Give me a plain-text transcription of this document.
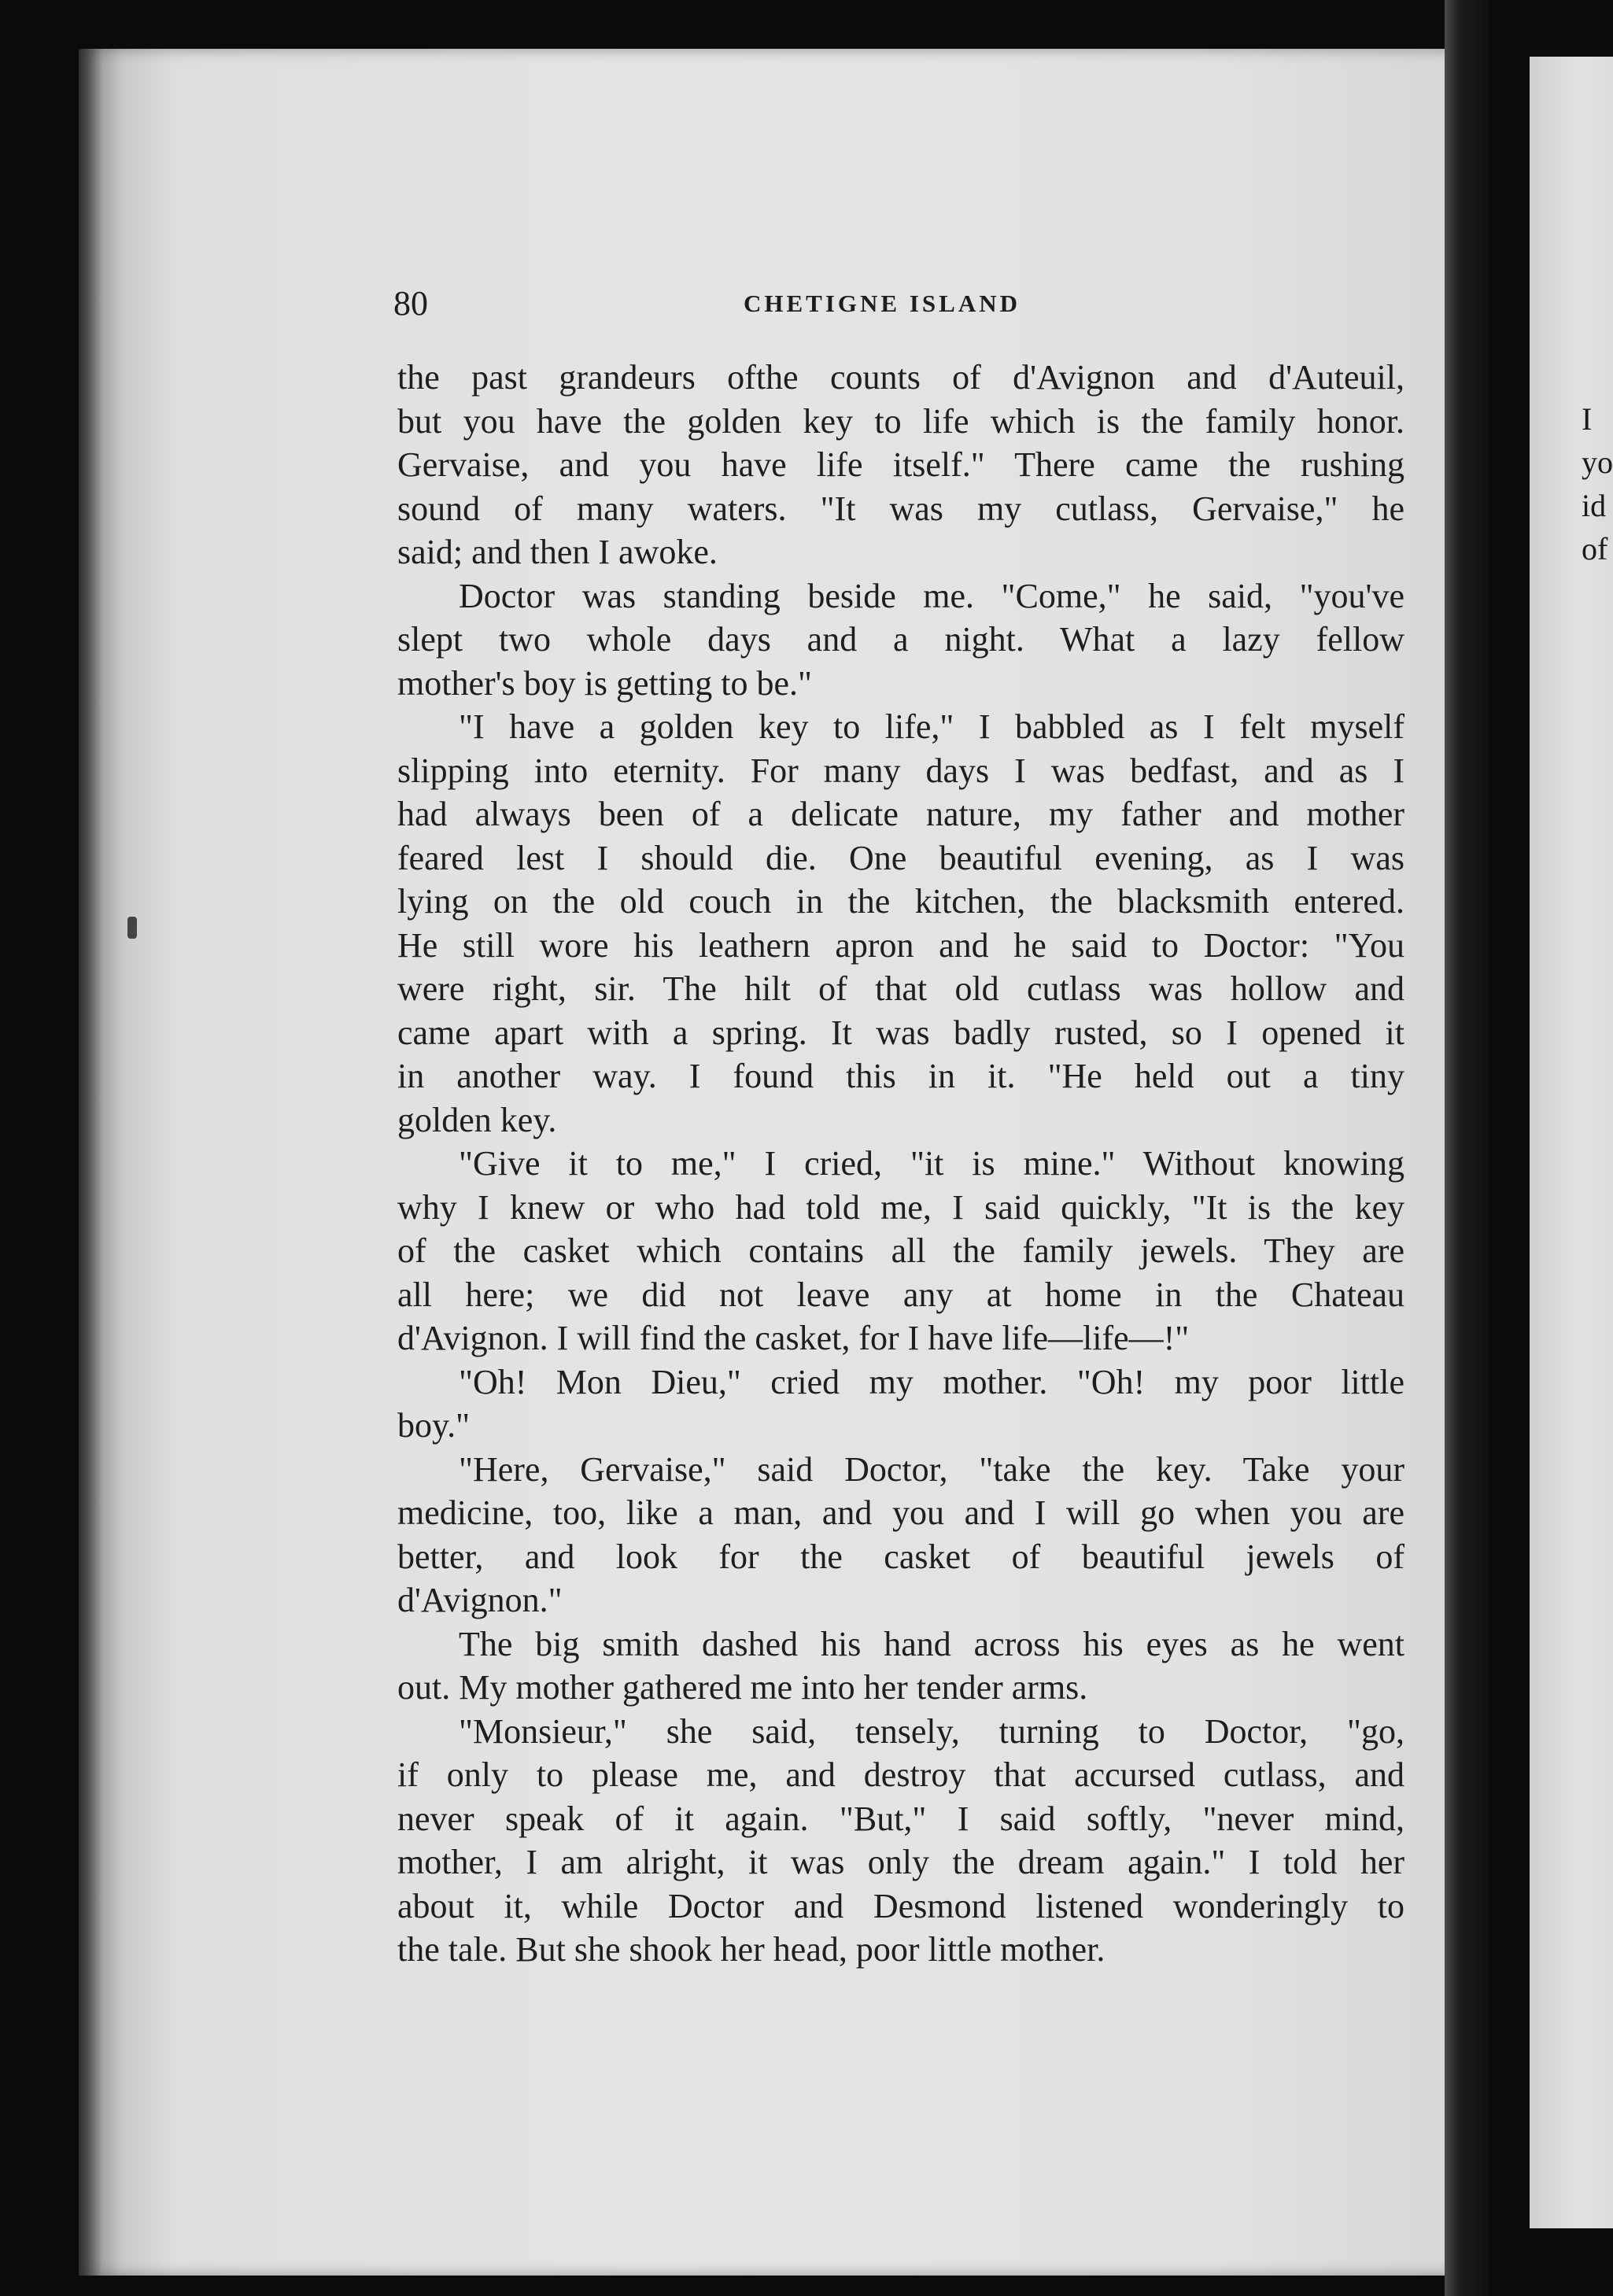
I
yo
id
of
80	CHETIGNE ISLAND
the past grandeurs ofthe counts of d'Avignon and d'Auteuil,
but you have the golden key to life which is the family honor.
Gervaise, and you have life itself." There came the rushing
sound of many waters. "It was my cutlass, Gervaise," he
said; and then I awoke.
Doctor was standing beside me. "Come," he said, "you've
slept two whole days and a night. What a lazy fellow
mother's boy is getting to be."
"I have a golden key to life," I babbled as I felt myself
slipping into eternity. For many days I was bedfast, and as I
had always been of a delicate nature, my father and mother
feared lest I should die. One beautiful evening, as I was
lying on the old couch in the kitchen, the blacksmith entered.
He still wore his leathern apron and he said to Doctor: "You
were right, sir. The hilt of that old cutlass was hollow and
came apart with a spring. It was badly rusted, so I opened it
in another way. I found this in it. "He held out a tiny
golden key.
"Give it to me," I cried, "it is mine." Without knowing
why I knew or who had told me, I said quickly, "It is the key
of the casket which contains all the family jewels. They are
all here; we did not leave any at home in the Chateau
d'Avignon. I will find the casket, for I have life—life—!"
"Oh! Mon Dieu," cried my mother. "Oh! my poor little
boy."
"Here, Gervaise," said Doctor, "take the key. Take your
medicine, too, like a man, and you and I will go when you are
better, and look for the casket of beautiful jewels of
d'Avignon."
The big smith dashed his hand across his eyes as he went
out. My mother gathered me into her tender arms.
"Monsieur," she said, tensely, turning to Doctor, "go,
if only to please me, and destroy that accursed cutlass, and
never speak of it again. "But," I said softly, "never mind,
mother, I am alright, it was only the dream again." I told her
about it, while Doctor and Desmond listened wonderingly to
the tale. But she shook her head, poor little mother.
